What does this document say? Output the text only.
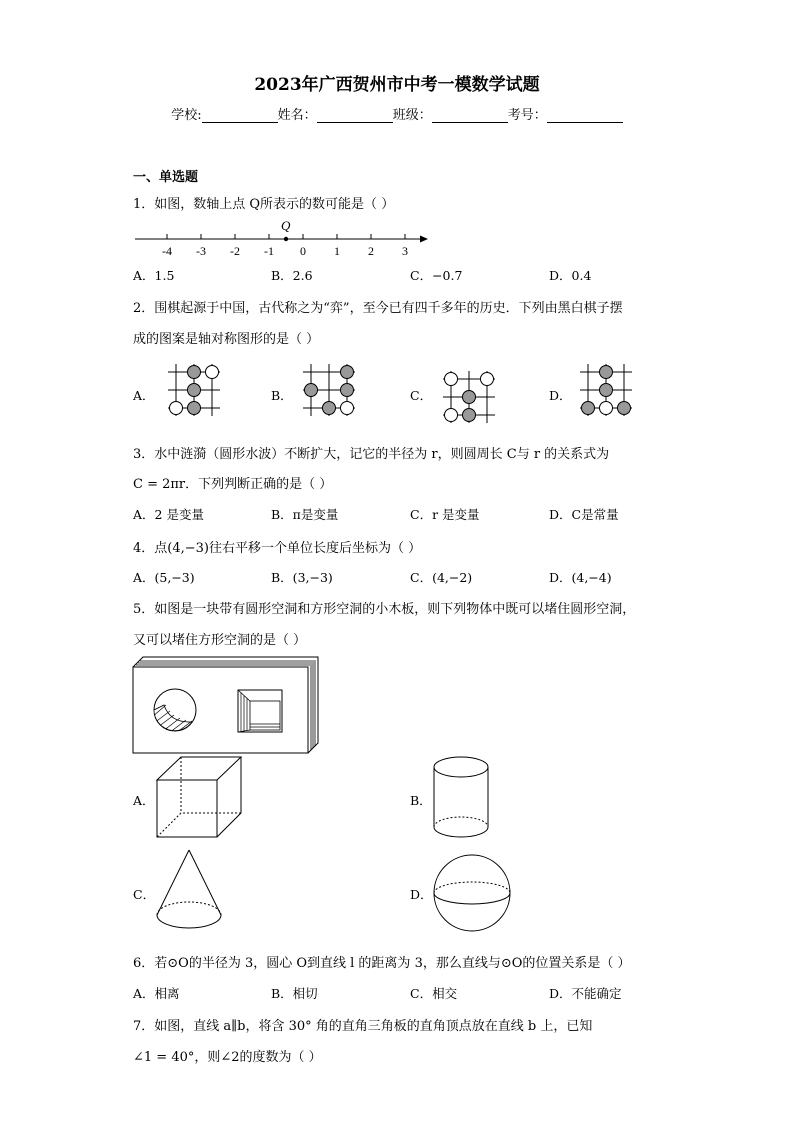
2023年广西贺州市中考一模数学试题
学校:	姓名：	班级：	考号：
一、单选题
1．如图，数轴上点 Q所表示的数可能是（ ）
-4 -3 -2 -1 0 1 2 3
Q
A．1.5	B．2.6	C．−0.7	D．0.4
2．围棋起源于中国，古代称之为“弈”，至今已有四千多年的历史．下列由黑白棋子摆
成的图案是轴对称图形的是（ ）
A．	B．	C．	D．
3．水中涟漪（圆形水波）不断扩大，记它的半径为 r，则圆周长 C与 r 的关系式为
C = 2πr．下列判断正确的是（ ）
A．2 是变量	B．π是变量	C．r 是变量	D．C是常量
4．点(4,−3)往右平移一个单位长度后坐标为（ ）
A．(5,−3)	B．(3,−3)	C．(4,−2)	D．(4,−4)
5．如图是一块带有圆形空洞和方形空洞的小木板，则下列物体中既可以堵住圆形空洞，
又可以堵住方形空洞的是（ ）
A．	B．
C．	D．
6．若⊙O的半径为 3，圆心 O到直线 l 的距离为 3，那么直线与⊙O的位置关系是（ ）
A．相离	B．相切	C．相交	D．不能确定
7．如图，直线 a∥b，将含 30° 角的直角三角板的直角顶点放在直线 b 上，已知
∠1 = 40°，则∠2的度数为（ ）
